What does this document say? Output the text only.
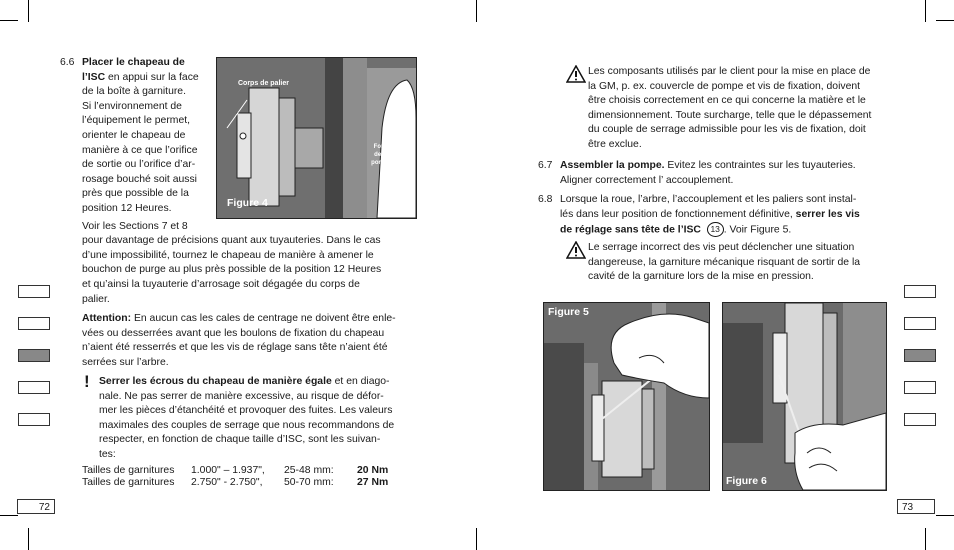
72	73
6.6 Placer le chapeau de

l’ISC en appui sur la face

de la boîte à garniture.

Si l’environnement de

l’équipement le permet,

orienter le chapeau de

manière à ce que l’orifice

de sortie ou l’orifice d’ar-

rosage bouché soit aussi

près que possible de la

position 12 Heures.

Voir les Sections 7 et 8

pour davantage de précisions quant aux tuyauteries. Dans le cas

d’une impossibilité, tournez le chapeau de manière à amener le

bouchon de purge au plus près possible de la position 12 Heures

et qu’ainsi la tuyauterie d’arrosage soit dégagée du corps de

palier.

Attention: En aucun cas les cales de centrage ne doivent être enle-

vées ou desserrées avant que les boulons de fixation du chapeau

n’aient été resserrés et que les vis de réglage sans tête n’aient été

serrées sur l’arbre.

! Serrer les écrous du chapeau de manière égale et en diago-

nale. Ne pas serrer de manière excessive, au risque de défor-

mer les pièces d’étanchéité et provoquer des fuites. Les valeurs

maximales des couples de serrage que nous recommandons de

respecter, en fonction de chaque taille d’ISC, sont les suivan-

tes:

Tailles de garnitures 1.000" – 1.937", 25-48 mm: 20 Nm
Tailles de garnitures 2.750" - 2.750", 50-70 mm: 27 Nm
Corps de palier
Fond
de la
pompe
Figure 4

Les composants utilisés par le client pour la mise en place de

la GM, p. ex. couvercle de pompe et vis de fixation, doivent

être choisis correctement en ce qui concerne la matière et le

dimensionnement. Toute surcharge, telle que le dépassement

du couple de serrage admissible pour les vis de fixation, doit

être exclue.

6.7 Assembler la pompe. Evitez les contraintes sur les tuyauteries.

Aligner correctement l’ accouplement.

6.8 Lorsque la roue, l’arbre, l’accouplement et les paliers sont instal-

lés dans leur position de fonctionnement définitive, serrer les vis

de réglage sans tête de l’ISC 13 . Voir Figure 5.

Le serrage incorrect des vis peut déclencher une situation

dangereuse, la garniture mécanique risquant de sortir de la

cavité de la garniture lors de la mise en pression.

Figure 5
Figure 6
